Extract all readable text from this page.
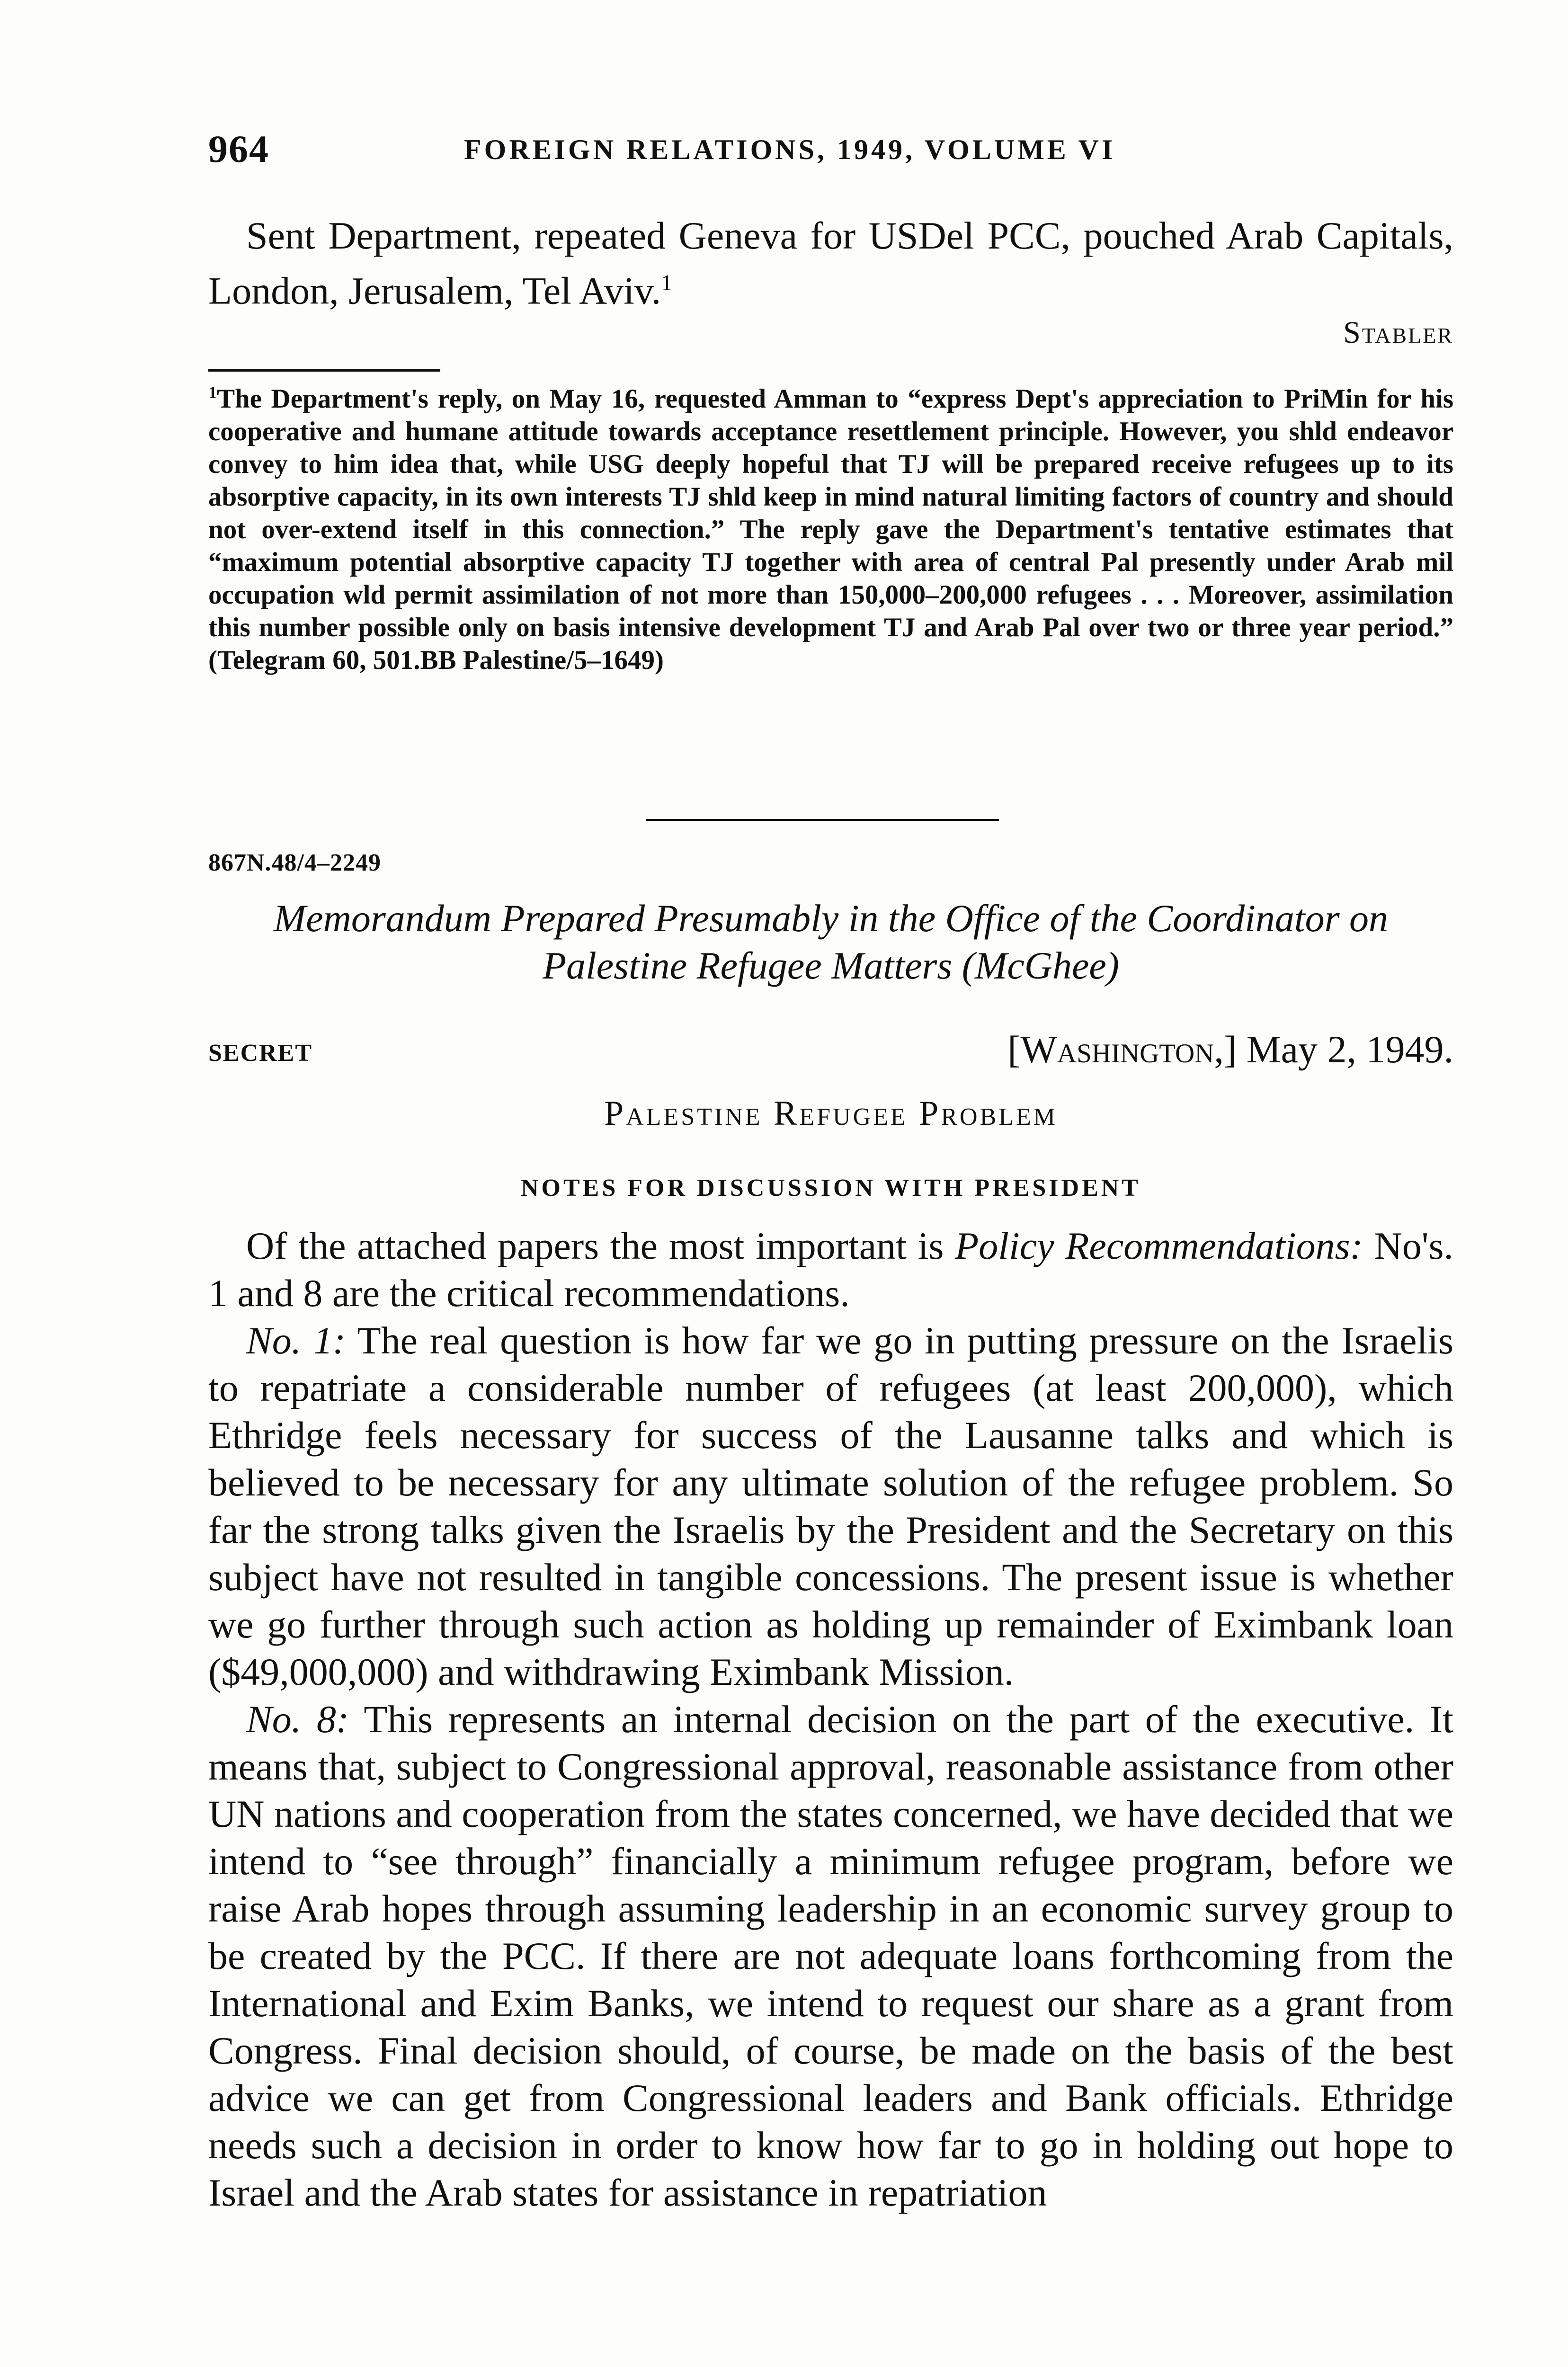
964	FOREIGN RELATIONS, 1949, VOLUME VI

Sent Department, repeated Geneva for USDel PCC, pouched Arab Capitals, London, Jerusalem, Tel Aviv.$^1$

Stabler

$^1$The Department's reply, on May 16, requested Amman to “express Dept's appreciation to PriMin for his cooperative and humane attitude towards acceptance resettlement principle. However, you shld endeavor convey to him idea that, while USG deeply hopeful that TJ will be prepared receive refugees up to its absorptive capacity, in its own interests TJ shld keep in mind natural limiting factors of country and should not over-extend itself in this connection.” The reply gave the Department's tentative estimates that “maximum potential absorptive capacity TJ together with area of central Pal presently under Arab mil occupation wld permit assimilation of not more than 150,000–200,000 refugees . . . Moreover, assimilation this number possible only on basis intensive development TJ and Arab Pal over two or three year period.” (Telegram 60, 501.BB Palestine/5–1649)

867N.48/4–2249

Memorandum Prepared Presumably in the Office of the Coordinator on Palestine Refugee Matters (McGhee)

SECRET	[Washington,] May 2, 1949.
Palestine Refugee Problem
NOTES FOR DISCUSSION WITH PRESIDENT

Of the attached papers the most important is Policy Recommendations: No's. 1 and 8 are the critical recommendations.

No. 1: The real question is how far we go in putting pressure on the Israelis to repatriate a considerable number of refugees (at least 200,000), which Ethridge feels necessary for success of the Lausanne talks and which is believed to be necessary for any ultimate solution of the refugee problem. So far the strong talks given the Israelis by the President and the Secretary on this subject have not resulted in tangible concessions. The present issue is whether we go further through such action as holding up remainder of Eximbank loan ($49,000,000) and withdrawing Eximbank Mission.

No. 8: This represents an internal decision on the part of the executive. It means that, subject to Congressional approval, reasonable assistance from other UN nations and cooperation from the states concerned, we have decided that we intend to “see through” financially a minimum refugee program, before we raise Arab hopes through assuming leadership in an economic survey group to be created by the PCC. If there are not adequate loans forthcoming from the International and Exim Banks, we intend to request our share as a grant from Congress. Final decision should, of course, be made on the basis of the best advice we can get from Congressional leaders and Bank officials. Ethridge needs such a decision in order to know how far to go in holding out hope to Israel and the Arab states for assistance in repatriation
